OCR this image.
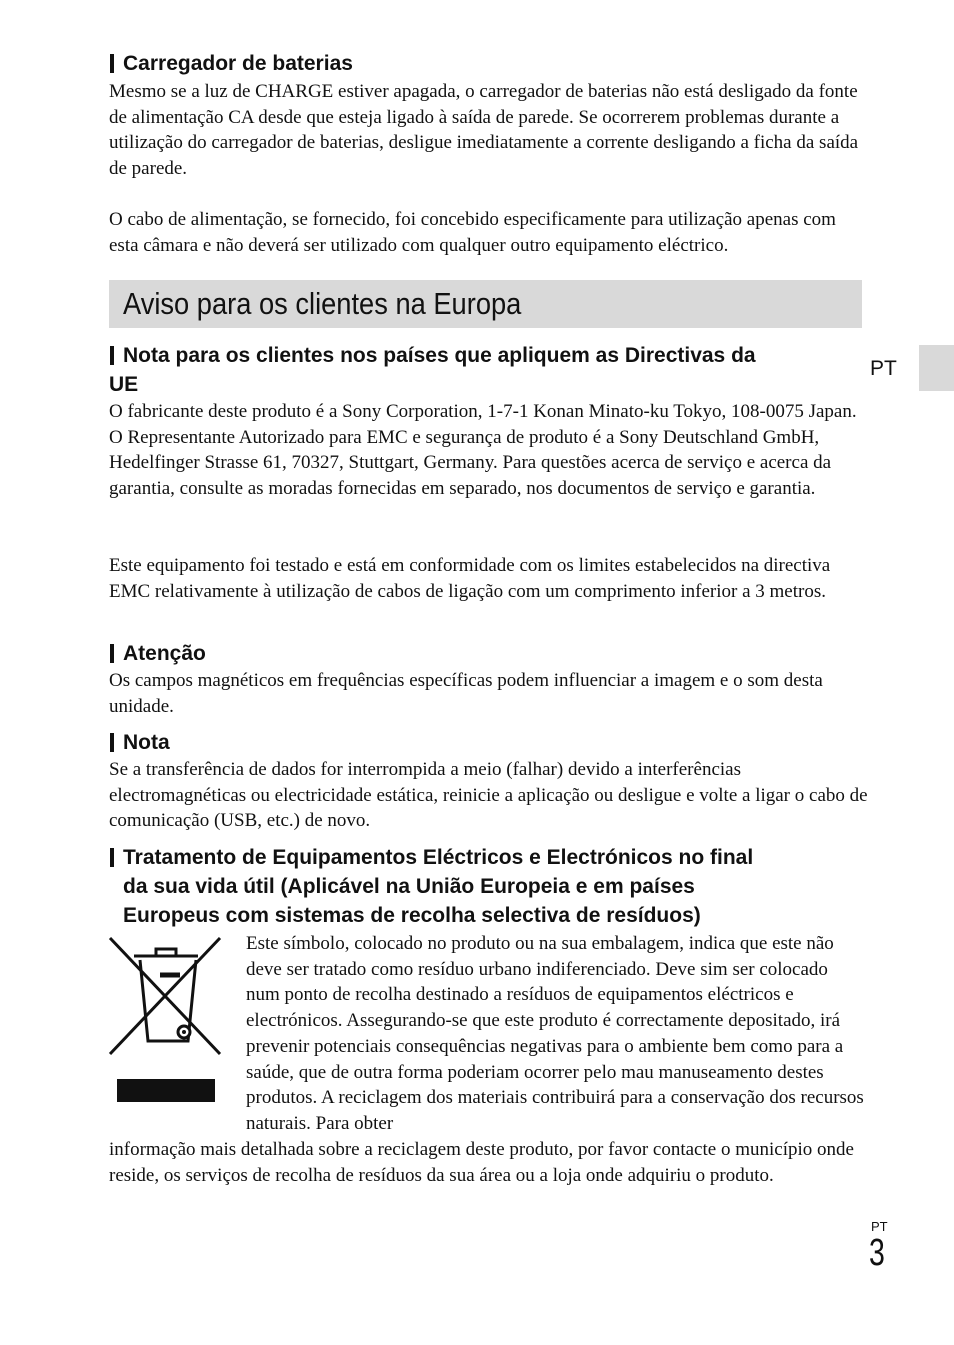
Carregador de baterias

Mesmo se a luz de CHARGE estiver apagada, o carregador de baterias não está desligado da fonte de alimentação CA desde que esteja ligado à saída de parede. Se ocorrerem problemas durante a utilização do carregador de baterias, desligue imediatamente a corrente desligando a ficha da saída de parede.

O cabo de alimentação, se fornecido, foi concebido especificamente para utilização apenas com esta câmara e não deverá ser utilizado com qualquer outro equipamento eléctrico.

Aviso para os clientes na Europa
PT
Nota para os clientes nos países que apliquem as Directivas da
UE

O fabricante deste produto é a Sony Corporation, 1-7-1 Konan Minato-ku Tokyo, 108-0075 Japan. O Representante Autorizado para EMC e segurança de produto é a Sony Deutschland GmbH, Hedelfinger Strasse 61, 70327, Stuttgart, Germany. Para questões acerca de serviço e acerca da garantia, consulte as moradas fornecidas em separado, nos documentos de serviço e garantia.

Este equipamento foi testado e está em conformidade com os limites estabelecidos na directiva EMC relativamente à utilização de cabos de ligação com um comprimento inferior a 3 metros.

Atenção

Os campos magnéticos em frequências específicas podem influenciar a imagem e o som desta unidade.

Nota

Se a transferência de dados for interrompida a meio (falhar) devido a interferências electromagnéticas ou electricidade estática, reinicie a aplicação ou desligue e volte a ligar o cabo de comunicação (USB, etc.) de novo.

Tratamento de Equipamentos Eléctricos e Electrónicos no final
da sua vida útil (Aplicável na União Europeia e em países
Europeus com sistemas de recolha selectiva de resíduos)

Este símbolo, colocado no produto ou na sua embalagem, indica que este não deve ser tratado como resíduo urbano indiferenciado. Deve sim ser colocado num ponto de recolha destinado a resíduos de equipamentos eléctricos e electrónicos. Assegurando-se que este produto é correctamente depositado, irá prevenir potenciais consequências negativas para o ambiente bem como para a saúde, que de outra forma poderiam ocorrer pelo mau manuseamento destes produtos. A reciclagem dos materiais contribuirá para a conservação dos recursos naturais. Para obter

informação mais detalhada sobre a reciclagem deste produto, por favor contacte o município onde reside, os serviços de recolha de resíduos da sua área ou a loja onde adquiriu o produto.

PT
3
